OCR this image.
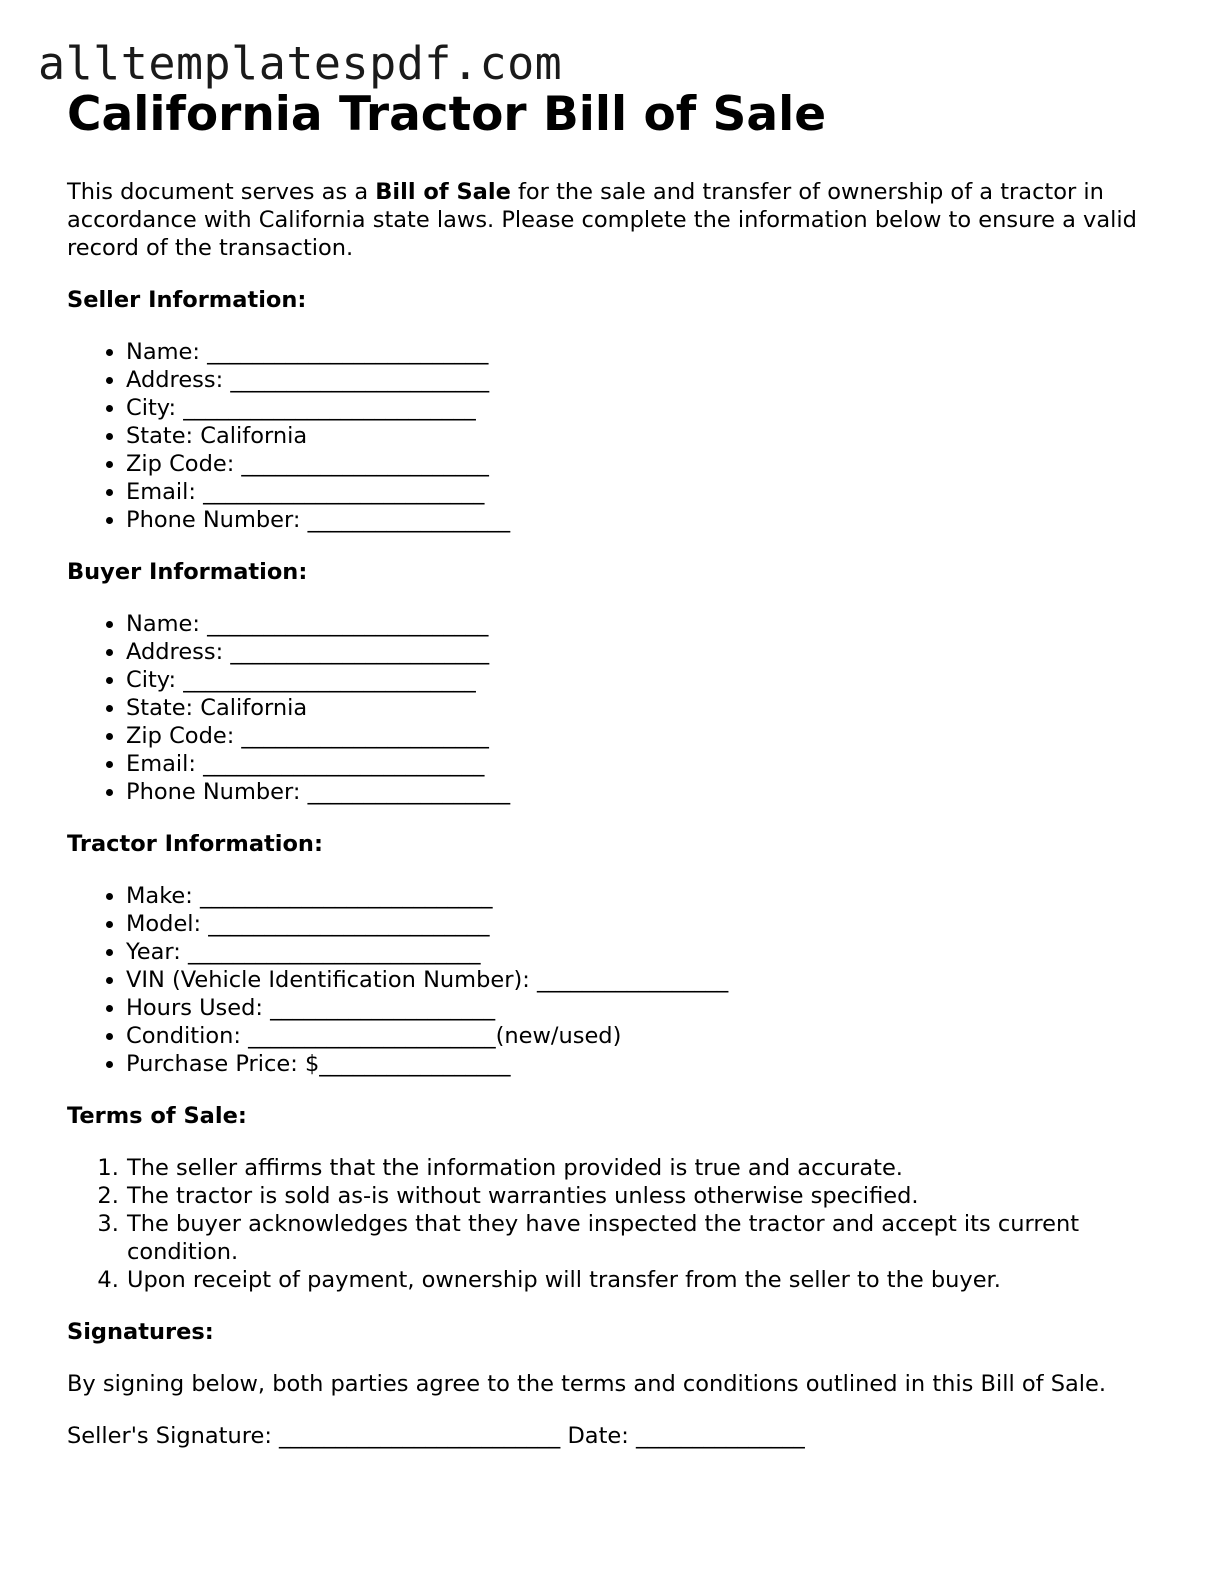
alltemplatespdf.com
California Tractor Bill of Sale

This document serves as a Bill of Sale for the sale and transfer of ownership of a tractor in accordance with California state laws. Please complete the information below to ensure a valid record of the transaction.

Seller Information:
• Name: _________________________
• Address: _______________________
• City: __________________________
• State: California
• Zip Code: ______________________
• Email: _________________________
• Phone Number: __________________
Buyer Information:
• Name: _________________________
• Address: _______________________
• City: __________________________
• State: California
• Zip Code: ______________________
• Email: _________________________
• Phone Number: __________________
Tractor Information:
• Make: __________________________
• Model: _________________________
• Year: __________________________
• VIN (Vehicle Identification Number): _________________
• Hours Used: ____________________
• Condition: ______________________(new/used)
• Purchase Price: $_________________
Terms of Sale:
1. The seller affirms that the information provided is true and accurate.
2. The tractor is sold as-is without warranties unless otherwise specified.
3. The buyer acknowledges that they have inspected the tractor and accept its current condition.
4. Upon receipt of payment, ownership will transfer from the seller to the buyer.
Signatures:

By signing below, both parties agree to the terms and conditions outlined in this Bill of Sale.

Seller's Signature: _________________________ Date: _______________
